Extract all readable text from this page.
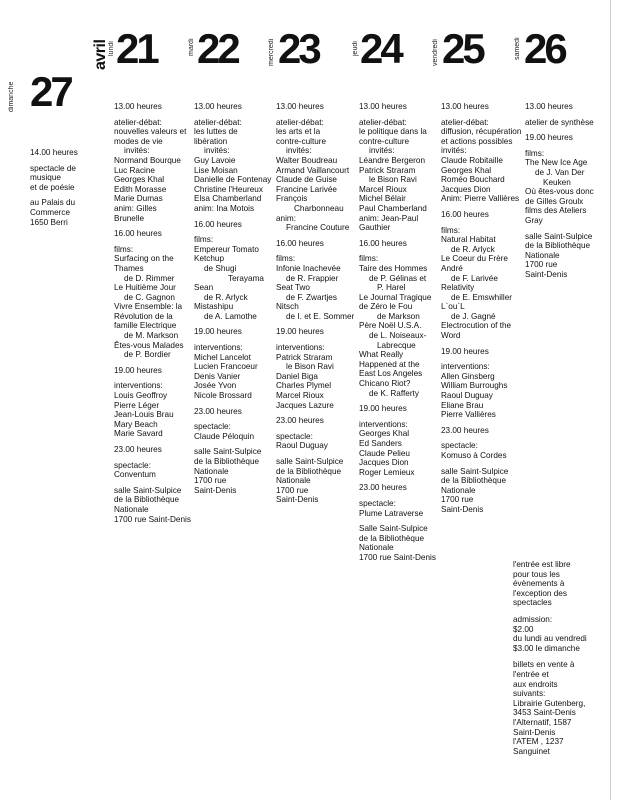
avril lundi 21	mardi 22	mercredi 23	jeudi 24	vendredi 25	samedi 26
dimanche 27

14.00 heures

spectacle de
musique
et de poésie

au Palais du
Commerce
1650 Berri

13.00 heures

atelier-débat:
nouvelles valeurs et
modes de vie
invités:
Normand Bourque
Luc Racine
Georges Khal
Edith Morasse
Marie Dumas
anim: Gilles
Brunelle

16.00 heures

films:
Surfacing on the
Thames
de D. Rimmer
Le Huitième Jour
de C. Gagnon
Vivre Ensemble: la
Révolution de la
famille Electrique
de M. Markson
Êtes-vous Malades
de P. Bordier

19.00 heures

interventions:
Louis Geoffroy
Pierre Léger
Jean-Louis Brau
Mary Beach
Marie Savard

23.00 heures

spectacle:
Conventum

salle Saint-Sulpice
de la Bibliothèque
Nationale
1700 rue Saint-Denis

13.00 heures

atelier-débat:
les luttes de
libération
invités:
Guy Lavoie
Lise Moisan
Danielle de Fontenay
Christine l'Heureux
Elsa Chamberland
anim: Ina Motois

16.00 heures

films:
Empereur Tomato
Ketchup
de Shugi
Terayama
Sean
de R. Arlyck
Mistashipu
de A. Lamothe

19.00 heures

interventions:
Michel Lancelot
Lucien Francoeur
Denis Vanier
Josée Yvon
Nicole Brossard

23.00 heures

spectacle:
Claude Péloquin

salle Saint-Sulpice
de la Bibliothèque
Nationale
1700 rue
Saint-Denis

13.00 heures

atelier-débat:
les arts et la
contre-culture
invités:
Walter Boudreau
Armand Vaillancourt
Claude de Guise
Francine Larivée
François
Charbonneau
anim:
Francine Couture

16.00 heures

films:
Infonie Inachevée
de R. Frappier
Seat Two
de F. Zwartjes
Nitsch
de I. et E. Sommer

19.00 heures

interventions:
Patrick Straram
le Bison Ravi
Daniel Biga
Charles Plymel
Marcel Rioux
Jacques Lazure

23.00 heures

spectacle:
Raoul Duguay

salle Saint-Sulpice
de la Bibliothèque
Nationale
1700 rue
Saint-Denis

13.00 heures

atelier-débat:
le politique dans la
contre-culture
invités:
Léandre Bergeron
Patrick Straram
le Bison Ravi
Marcel Rioux
Michel Bélair
Paul Chamberland
anim: Jean-Paul
Gauthier

16.00 heures

films:
Taire des Hommes
de P. Gélinas et
P. Harel
Le Journal Tragique
de Zéro le Fou
de Markson
Père Noël U.S.A.
de L. Noiseaux-
Labrecque
What Really
Happened at the
East Los Angeles
Chicano Riot?
de K. Rafferty

19.00 heures

interventions:
Georges Khal
Ed Sanders
Claude Pelieu
Jacques Dion
Roger Lemieux

23.00 heures

spectacle:
Plume Latraverse

Salle Saint-Sulpice
de la Bibliothèque
Nationale
1700 rue Saint-Denis

13.00 heures

atelier-débat:
diffusion, récupération
et actions possibles
invités:
Claude Robitaille
Georges Khal
Roméo Bouchard
Jacques Dion
Anim: Pierre Vallières

16.00 heures

films:
Natural Habitat
de R. Arlyck
Le Coeur du Frère
André
de F. Larivée
Relativity
de E. Emswhiller
L`ou`L
de J. Gagné
Electrocution of the
Word

19.00 heures

interventions:
Allen Ginsberg
William Burroughs
Raoul Duguay
Eliane Brau
Pierre Vallières

23.00 heures

spectacle:
Komuso à Cordes

salle Saint-Sulpice
de la Bibliothèque
Nationale
1700 rue
Saint-Denis

13.00 heures

atelier de synthèse

19.00 heures

films:
The New Ice Age
de J. Van Der
Keuken
Où êtes-vous donc
de Gilles Groulx
films des Ateliers
Gray

salle Saint-Sulpice
de la Bibliothèque
Nationale
1700 rue
Saint-Denis

l'entrée est libre
pour tous les
évènements à
l'exception des
spectacles

admission:
$2.00
du lundi au vendredi
$3.00 le dimanche

billets en vente à
l'entrée et
aux endroits
suivants:
Librairie Gutenberg,
3453 Saint-Denis
l'Alternatif, 1587
Saint-Denis
l'ATEM , 1237
Sanguinet
